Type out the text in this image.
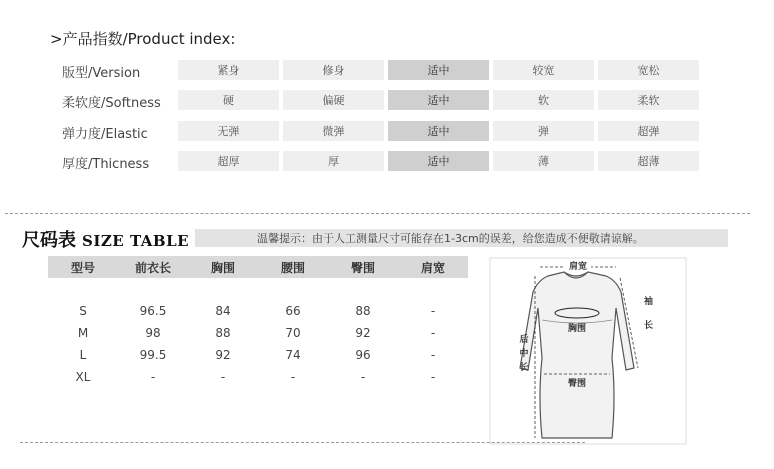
>产品指数/Product index:
版型/Version	紧身	修身	适中	较宽	宽松
柔软度/Softness	硬	偏硬	适中	软	柔软
弹力度/Elastic	无弹	微弹	适中	弹	超弹
厚度/Thicness	超厚	厚	适中	薄	超薄
尺码表 SIZE TABLE	温馨提示：由于人工测量尺寸可能存在1-3cm的误差，给您造成不便敬请谅解。
型号	前衣长	胸围	腰围	臀围	肩宽

S	96.5	84	66	88	-
M	98	88	70	92	-
L	99.5	92	74	96	-
XL	-	-	-	-	-
肩宽
袖
长
胸围
后
中
长
臀围
